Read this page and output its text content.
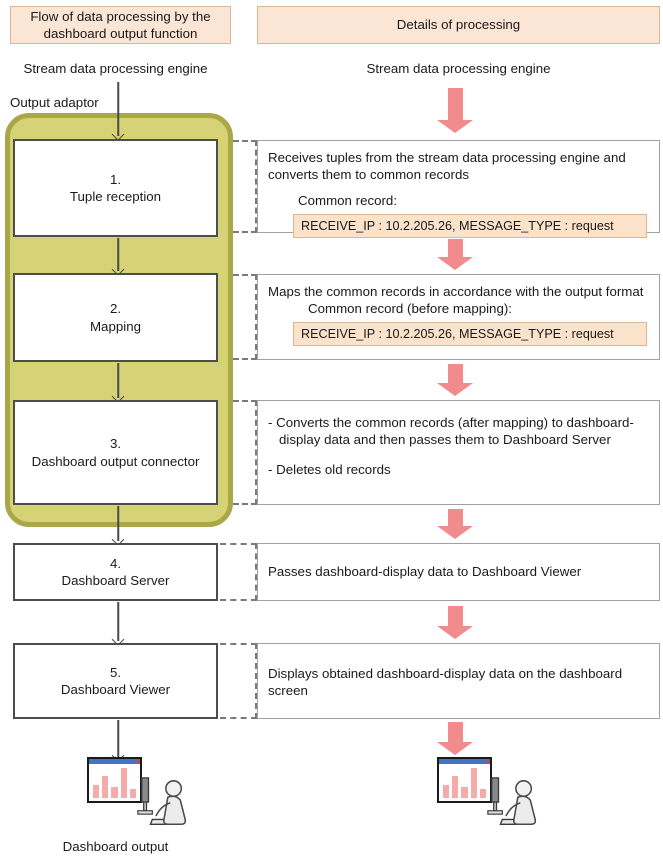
Flow of data processing by the dashboard output function
Details of processing
Stream data processing engine	Stream data processing engine
Output adaptor
1.
Tuple reception
2.
Mapping
3.
Dashboard output connector
4.
Dashboard Server
5.
Dashboard Viewer
Receives tuples from the stream data processing engine and converts them to common records
Common record:
RECEIVE_IP : 10.2.205.26, MESSAGE_TYPE : request
Maps the common records in accordance with the output format
Common record (before mapping):
RECEIVE_IP : 10.2.205.26, MESSAGE_TYPE : request
- Converts the common records (after mapping) to dashboard-display data and then passes them to Dashboard Server
- Deletes old records
Passes dashboard-display data to Dashboard Viewer
Displays obtained dashboard-display data on the dashboard screen
Dashboard output
